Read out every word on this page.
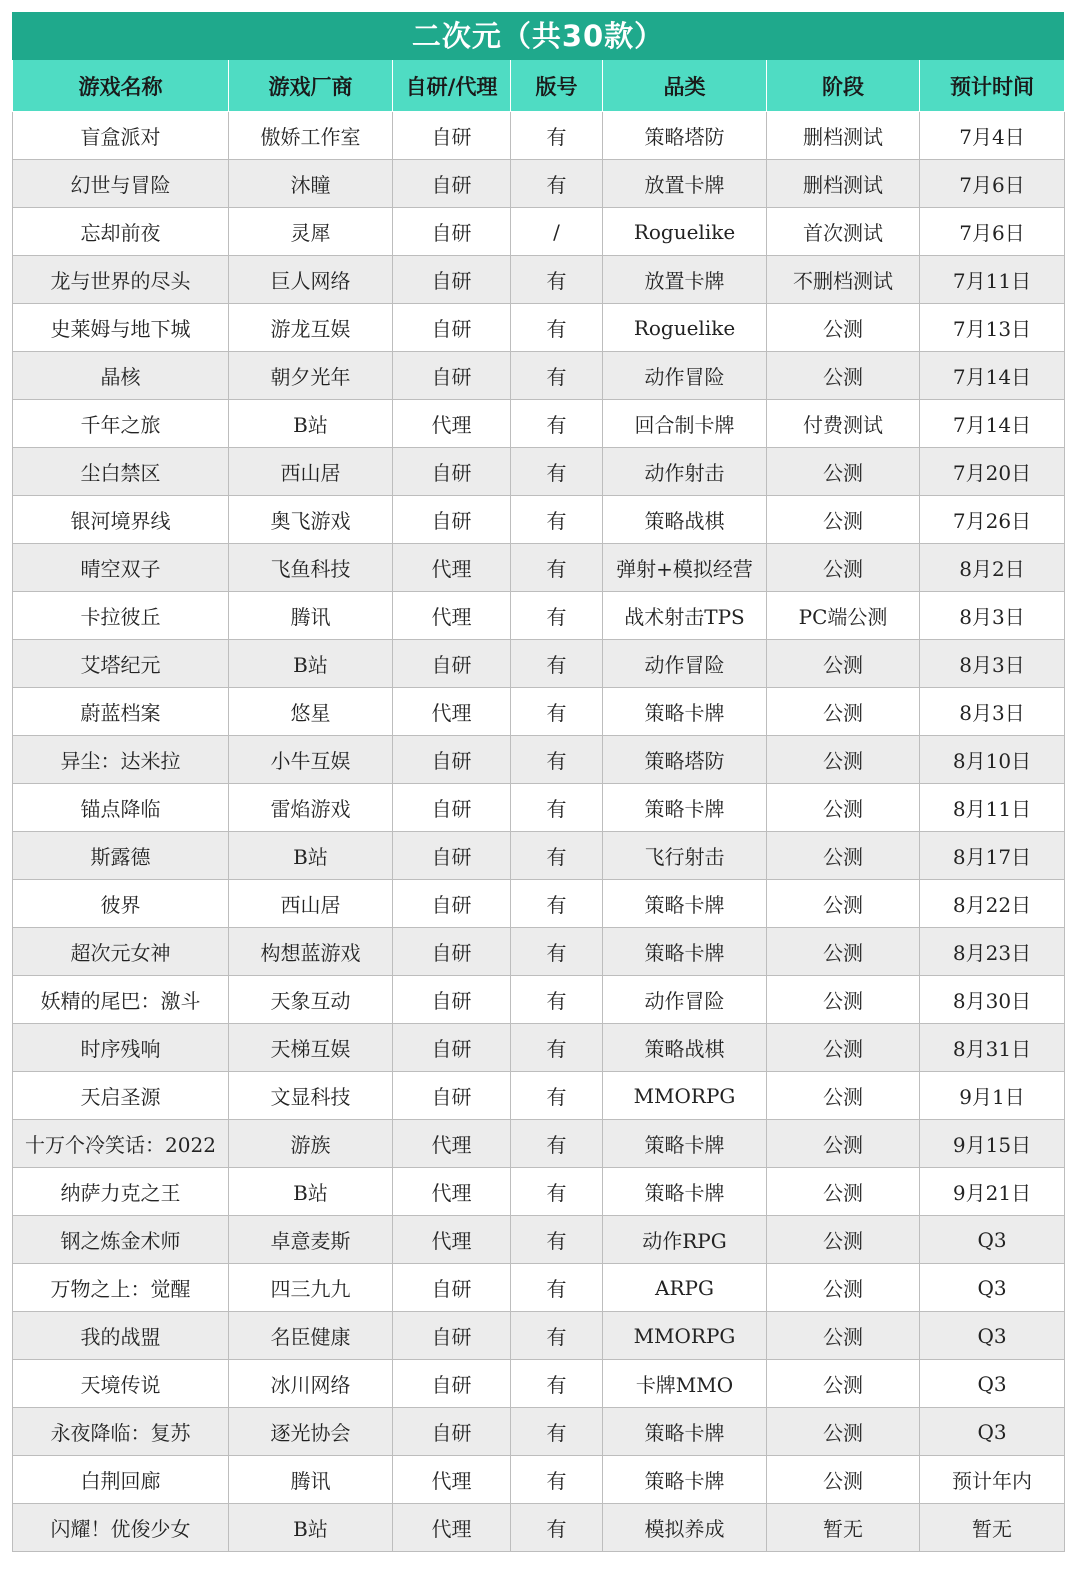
二次元（共30款）
游戏名称	游戏厂商	自研/代理	版号	品类	阶段	预计时间
盲盒派对	傲娇工作室	自研	有	策略塔防	删档测试	7月4日
幻世与冒险	沐瞳	自研	有	放置卡牌	删档测试	7月6日
忘却前夜	灵犀	自研	/	Roguelike	首次测试	7月6日
龙与世界的尽头	巨人网络	自研	有	放置卡牌	不删档测试	7月11日
史莱姆与地下城	游龙互娱	自研	有	Roguelike	公测	7月13日
晶核	朝夕光年	自研	有	动作冒险	公测	7月14日
千年之旅	B站	代理	有	回合制卡牌	付费测试	7月14日
尘白禁区	西山居	自研	有	动作射击	公测	7月20日
银河境界线	奥飞游戏	自研	有	策略战棋	公测	7月26日
晴空双子	飞鱼科技	代理	有	弹射+模拟经营	公测	8月2日
卡拉彼丘	腾讯	代理	有	战术射击TPS	PC端公测	8月3日
艾塔纪元	B站	自研	有	动作冒险	公测	8月3日
蔚蓝档案	悠星	代理	有	策略卡牌	公测	8月3日
异尘：达米拉	小牛互娱	自研	有	策略塔防	公测	8月10日
锚点降临	雷焰游戏	自研	有	策略卡牌	公测	8月11日
斯露德	B站	自研	有	飞行射击	公测	8月17日
彼界	西山居	自研	有	策略卡牌	公测	8月22日
超次元女神	构想蓝游戏	自研	有	策略卡牌	公测	8月23日
妖精的尾巴：激斗	天象互动	自研	有	动作冒险	公测	8月30日
时序残响	天梯互娱	自研	有	策略战棋	公测	8月31日
天启圣源	文显科技	自研	有	MMORPG	公测	9月1日
十万个冷笑话：2022	游族	代理	有	策略卡牌	公测	9月15日
纳萨力克之王	B站	代理	有	策略卡牌	公测	9月21日
钢之炼金术师	卓意麦斯	代理	有	动作RPG	公测	Q3
万物之上：觉醒	四三九九	自研	有	ARPG	公测	Q3
我的战盟	名臣健康	自研	有	MMORPG	公测	Q3
天境传说	冰川网络	自研	有	卡牌MMO	公测	Q3
永夜降临：复苏	逐光协会	自研	有	策略卡牌	公测	Q3
白荆回廊	腾讯	代理	有	策略卡牌	公测	预计年内
闪耀！优俊少女	B站	代理	有	模拟养成	暂无	暂无
